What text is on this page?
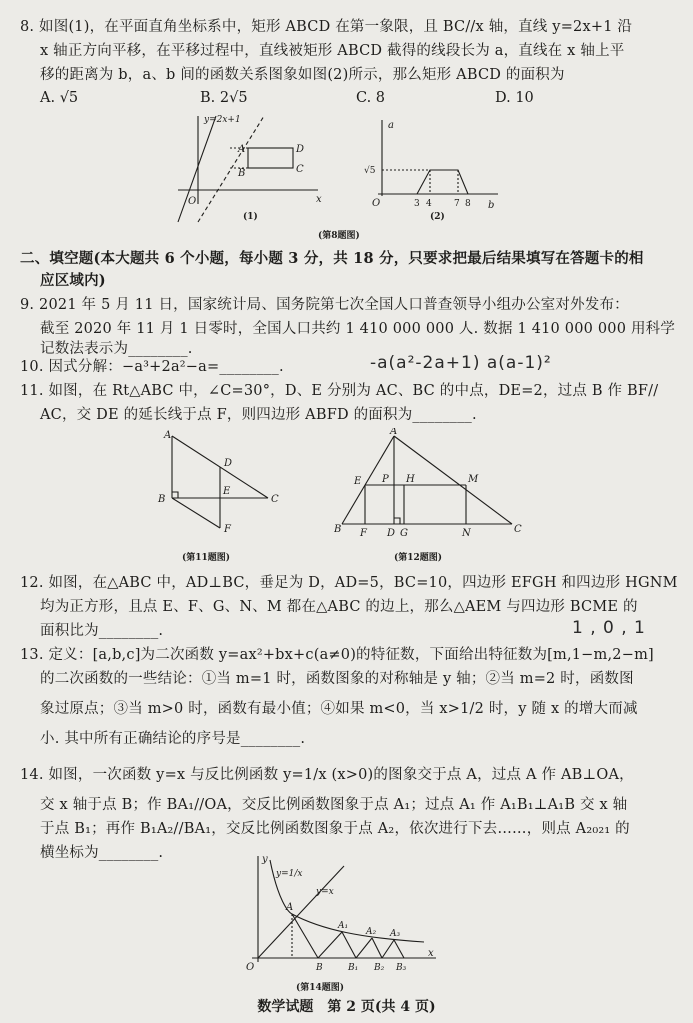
8. 如图(1)，在平面直角坐标系中，矩形 ABCD 在第一象限，且 BC//x 轴，直线 y=2x+1 沿
x 轴正方向平移，在平移过程中，直线被矩形 ABCD 截得的线段长为 a，直线在 x 轴上平
移的距离为 b，a、b 间的函数关系图象如图(2)所示，那么矩形 ABCD 的面积为
A. √5	B. 2√5	C. 8	D. 10
y=2x+1
A
B	C
D
O	x
(1)
a
b
√5
O	3 4 7 8
(2)
(第8题图)
二、填空题(本大题共 6 个小题，每小题 3 分，共 18 分，只要求把最后结果填写在答题卡的相
应区域内)
9. 2021 年 5 月 11 日，国家统计局、国务院第七次全国人口普查领导小组办公室对外发布：
截至 2020 年 11 月 1 日零时，全国人口共约 1 410 000 000 人. 数据 1 410 000 000 用科学
记数法表示为________.
10. 因式分解：−a³+2a²−a=________.	-a(a²-2a+1) a(a-1)²
11. 如图，在 Rt△ABC 中，∠C=30°，D、E 分别为 AC、BC 的中点，DE=2，过点 B 作 BF//
AC，交 DE 的延长线于点 F，则四边形 ABFD 的面积为________.
A
B	C
D
E
F
(第11题图)
A
B	C
D
E
F	G
H	M
N
P
(第12题图)
12. 如图，在△ABC 中，AD⊥BC，垂足为 D，AD=5，BC=10，四边形 EFGH 和四边形 HGNM
均为正方形，且点 E、F、G、N、M 都在△ABC 的边上，那么△AEM 与四边形 BCME 的
面积比为________.	1 , 0 , 1
13. 定义：[a,b,c]为二次函数 y=ax²+bx+c(a≠0)的特征数，下面给出特征数为[m,1−m,2−m]
的二次函数的一些结论：①当 m=1 时，函数图象的对称轴是 y 轴；②当 m=2 时，函数图
象过原点；③当 m>0 时，函数有最小值；④如果 m<0，当 x>1/2 时，y 随 x 的增大而减
小. 其中所有正确结论的序号是________.
14. 如图，一次函数 y=x 与反比例函数 y=1/x (x>0)的图象交于点 A，过点 A 作 AB⊥OA，
交 x 轴于点 B；作 BA₁//OA，交反比例函数图象于点 A₁；过点 A₁ 作 A₁B₁⊥A₁B 交 x 轴
于点 B₁；再作 B₁A₂//BA₁，交反比例函数图象于点 A₂，依次进行下去……，则点 A₂₀₂₁ 的
横坐标为________.	y
x
O
A
B
A₁
A₂ A₃
B₁ B₂ B₃
y=1/x
y=x
(第14题图)
数学试题　第 2 页(共 4 页)
